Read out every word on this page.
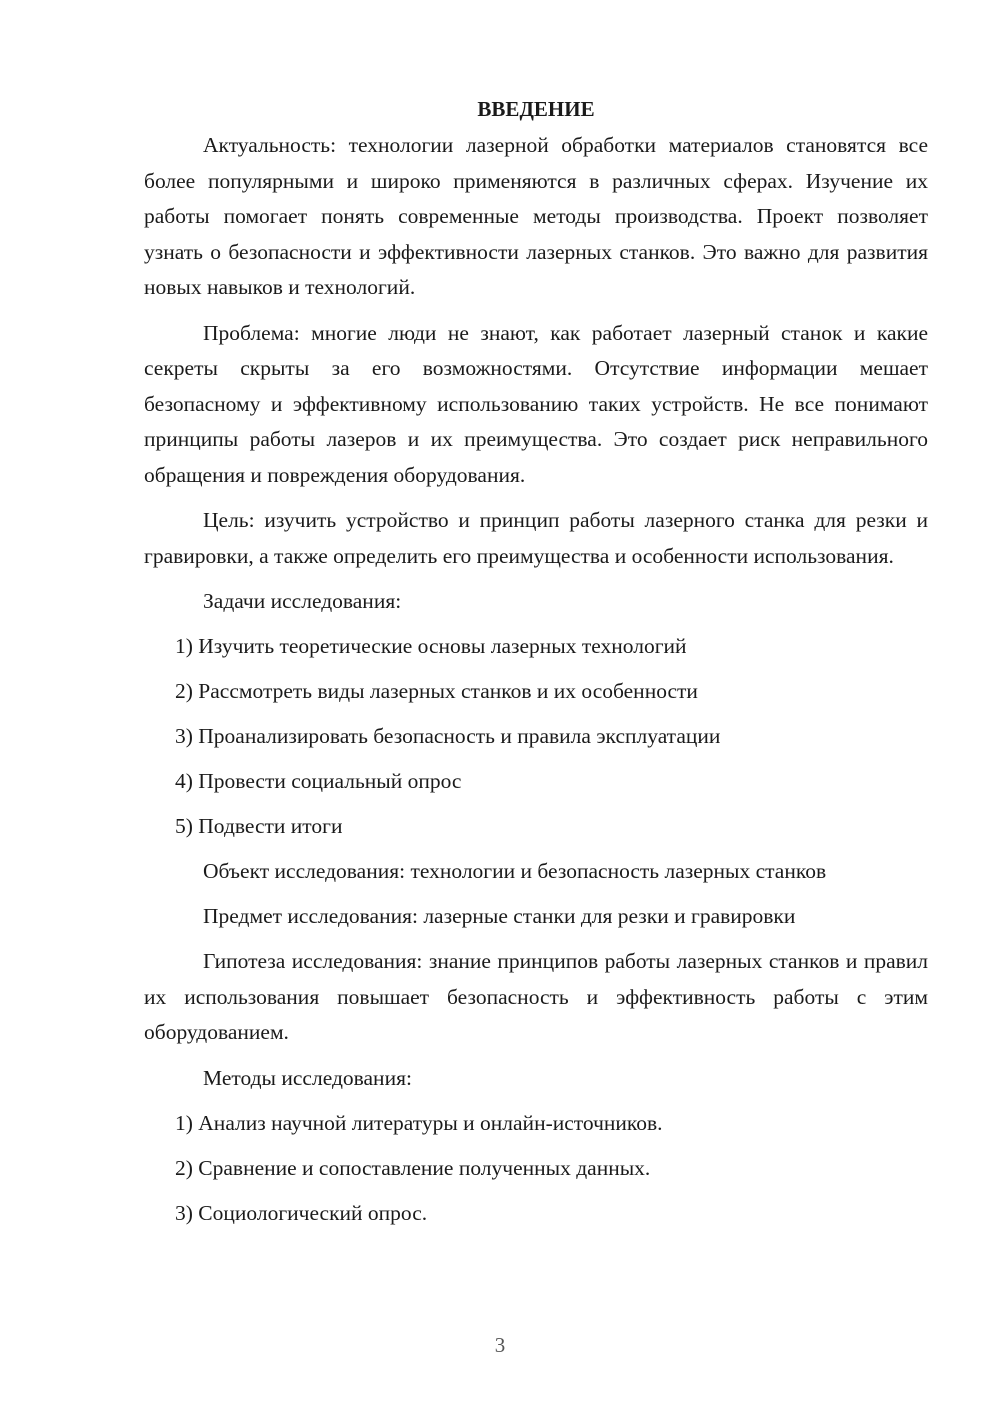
ВВЕДЕНИЕ

Актуальность: технологии лазерной обработки материалов становятся все более популярными и широко применяются в различных сферах. Изучение их работы помогает понять современные методы производства. Проект позволяет узнать о безопасности и эффективности лазерных станков. Это важно для развития новых навыков и технологий.

Проблема: многие люди не знают, как работает лазерный станок и какие секреты скрыты за его возможностями. Отсутствие информации мешает безопасному и эффективному использованию таких устройств. Не все понимают принципы работы лазеров и их преимущества. Это создает риск неправильного обращения и повреждения оборудования.

Цель: изучить устройство и принцип работы лазерного станка для резки и гравировки, а также определить его преимущества и особенности использования.

Задачи исследования:

1) Изучить теоретические основы лазерных технологий

2) Рассмотреть виды лазерных станков и их особенности

3) Проанализировать безопасность и правила эксплуатации

4) Провести социальный опрос

5) Подвести итоги

Объект исследования: технологии и безопасность лазерных станков

Предмет исследования: лазерные станки для резки и гравировки

Гипотеза исследования: знание принципов работы лазерных станков и правил их использования повышает безопасность и эффективность работы с этим оборудованием.

Методы исследования:

1) Анализ научной литературы и онлайн-источников.

2) Сравнение и сопоставление полученных данных.

3) Социологический опрос.

3
